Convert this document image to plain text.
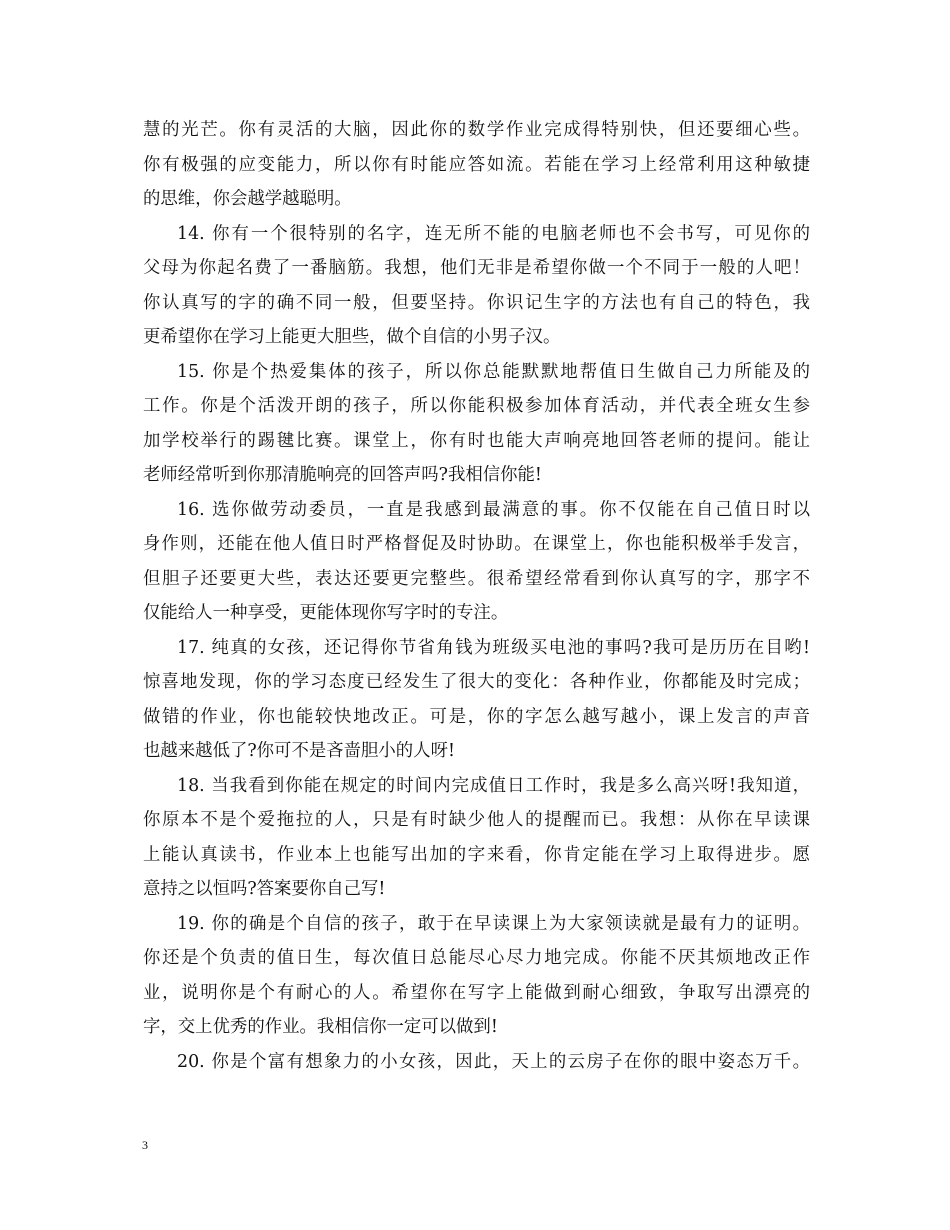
慧的光芒。你有灵活的大脑，因此你的数学作业完成得特别快，但还要细心些。
你有极强的应变能力，所以你有时能应答如流。若能在学习上经常利用这种敏捷
的思维，你会越学越聪明。
14. 你有一个很特别的名字，连无所不能的电脑老师也不会书写，可见你的
父母为你起名费了一番脑筋。我想，他们无非是希望你做一个不同于一般的人吧！
你认真写的字的确不同一般，但要坚持。你识记生字的方法也有自己的特色，我
更希望你在学习上能更大胆些，做个自信的小男子汉。
15. 你是个热爱集体的孩子，所以你总能默默地帮值日生做自己力所能及的
工作。你是个活泼开朗的孩子，所以你能积极参加体育活动，并代表全班女生参
加学校举行的踢毽比赛。课堂上，你有时也能大声响亮地回答老师的提问。能让
老师经常听到你那清脆响亮的回答声吗?我相信你能!
16. 选你做劳动委员，一直是我感到最满意的事。你不仅能在自己值日时以
身作则，还能在他人值日时严格督促及时协助。在课堂上，你也能积极举手发言，
但胆子还要更大些，表达还要更完整些。很希望经常看到你认真写的字，那字不
仅能给人一种享受，更能体现你写字时的专注。
17. 纯真的女孩，还记得你节省角钱为班级买电池的事吗?我可是历历在目哟!
惊喜地发现，你的学习态度已经发生了很大的变化：各种作业，你都能及时完成；
做错的作业，你也能较快地改正。可是，你的字怎么越写越小，课上发言的声音
也越来越低了?你可不是吝啬胆小的人呀!
18. 当我看到你能在规定的时间内完成值日工作时，我是多么高兴呀!我知道，
你原本不是个爱拖拉的人，只是有时缺少他人的提醒而已。我想：从你在早读课
上能认真读书，作业本上也能写出加的字来看，你肯定能在学习上取得进步。愿
意持之以恒吗?答案要你自己写!
19. 你的确是个自信的孩子，敢于在早读课上为大家领读就是最有力的证明。
你还是个负责的值日生，每次值日总能尽心尽力地完成。你能不厌其烦地改正作
业，说明你是个有耐心的人。希望你在写字上能做到耐心细致，争取写出漂亮的
字，交上优秀的作业。我相信你一定可以做到!
20. 你是个富有想象力的小女孩，因此，天上的云房子在你的眼中姿态万千。
3
